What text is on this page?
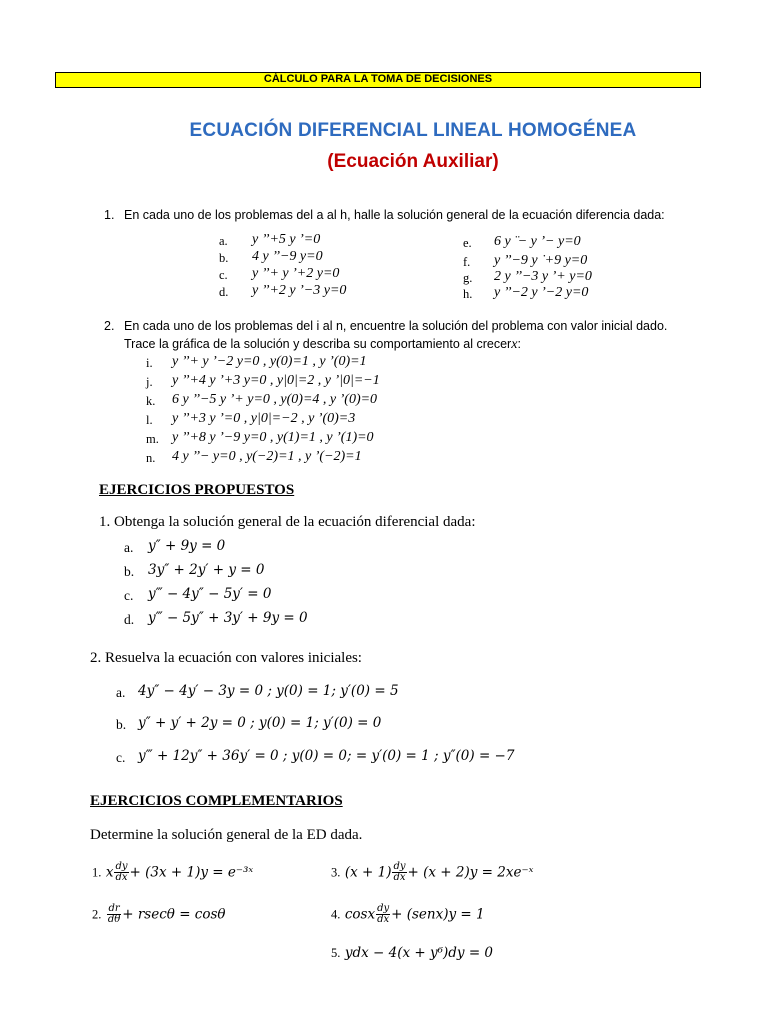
CÁLCULO PARA LA TOMA DE DECISIONES
ECUACIÓN DIFERENCIAL LINEAL HOMOGÉNEA
(Ecuación Auxiliar)
1. En cada uno de los problemas del a al h, halle la solución general de la ecuación diferencia dada:
a. y ’’+5 y ’=0
b. 4 y ’’−9 y=0
c. y ’’+ y ’+2 y=0
d. y ’’+2 y ’−3 y=0
e. 6 y ̈ − y ’− y=0
f. y ’’−9 y ̇ +9 y=0
g. 2 y ’’−3 y ’+ y=0
h. y ’’−2 y ’−2 y=0
2. En cada uno de los problemas del i al n, encuentre la solución del problema con valor inicial dado.
Trace la gráfica de la solución y describa su comportamiento al crecerx:
i. y ’’+ y ’−2 y=0 , y(0)=1 , y ’(0)=1
j. y ’’+4 y ’+3 y=0 , y|0|=2 , y ’|0|=−1
k. 6 y ’’−5 y ’+ y=0 , y(0)=4 , y ’(0)=0
l. y ’’+3 y ’=0 , y|0|=−2 , y ’(0)=3
m. y ’’+8 y ’−9 y=0 , y(1)=1 , y ’(1)=0
n. 4 y ’’− y=0 , y(−2)=1 , y ’(−2)=1
EJERCICIOS PROPUESTOS
1. Obtenga la solución general de la ecuación diferencial dada:
a. y″ + 9y = 0
b. 3y″ + 2y′ + y = 0
c. y‴ − 4y″ − 5y′ = 0
d. y‴ − 5y″ + 3y′ + 9y = 0
2. Resuelva la ecuación con valores iniciales:
a. 4y″ − 4y′ − 3y = 0 ; y(0) = 1; y′(0) = 5
b. y″ + y′ + 2y = 0 ; y(0) = 1; y′(0) = 0
c. y‴ + 12y″ + 36y′ = 0 ; y(0) = 0; = y′(0) = 1 ; y″(0) = −7
EJERCICIOS COMPLEMENTARIOS
Determine la solución general de la ED dada.
1. x $\frac{dy}{dx} + (3x + 1)y$ = e⁻³ˣ
2. $\frac{dr}{d\theta} + rsec\theta = \cos\theta$
3. $(x + 1) \frac{dy}{dx} + (x + 2)y$ = 2xe⁻ˣ
4. cosx $\frac{dy}{dx}$ + (senx)y = 1
5. ydx − 4(x + y⁶)dy = 0
